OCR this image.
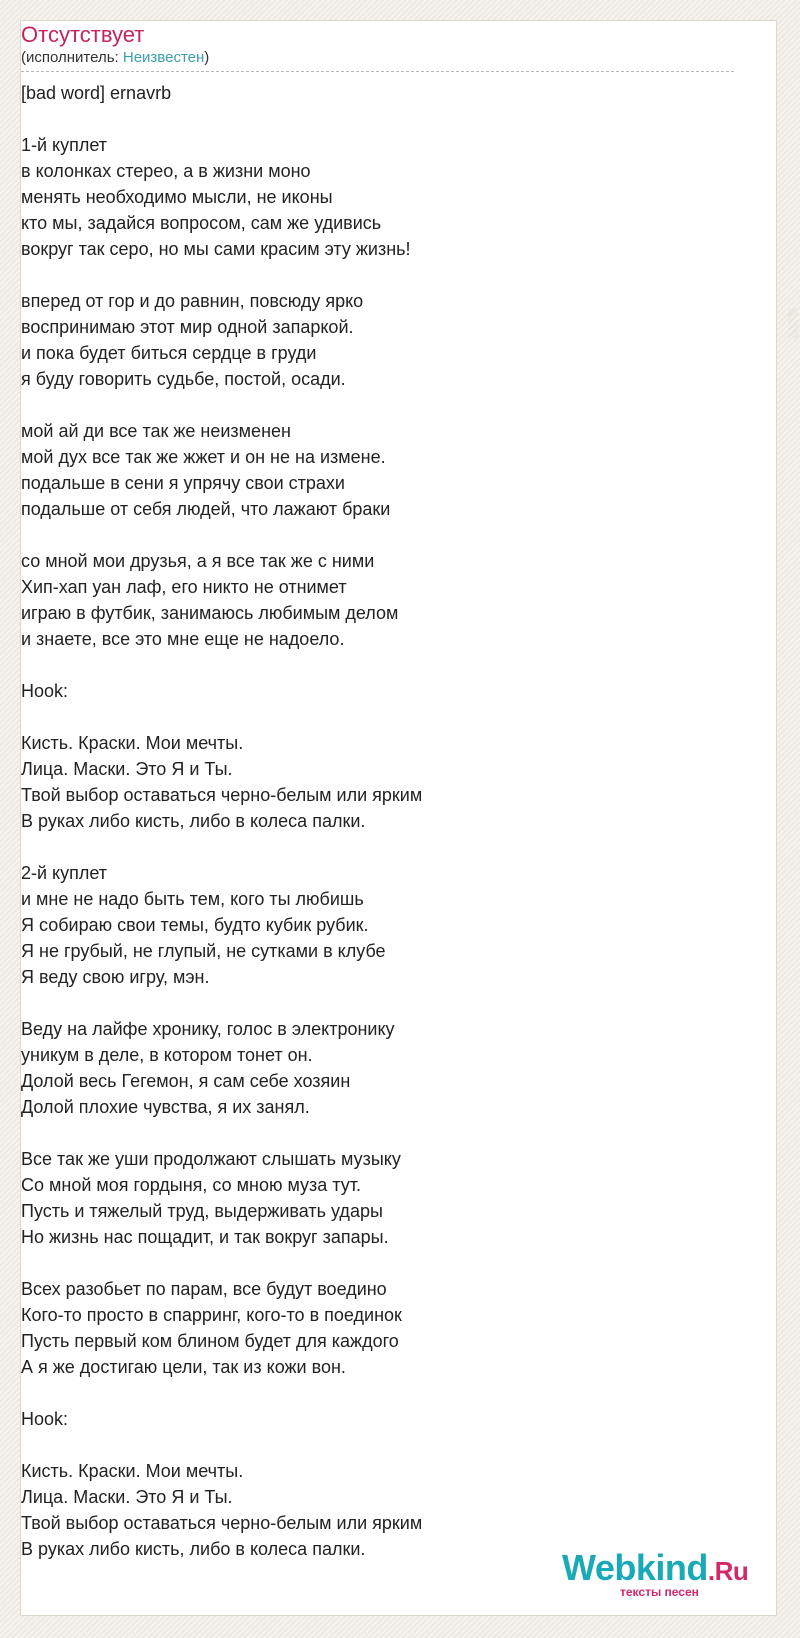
Отсутствует
(исполнитель: Неизвестен)
[bad word] ernavrb
1-й куплет
в колонках стерео, а в жизни моно
менять необходимо мысли, не иконы
кто мы, задайся вопросом, сам же удивись
вокруг так серо, но мы сами красим эту жизнь!
вперед от гор и до равнин, повсюду ярко
воспринимаю этот мир одной запаркой.
и пока будет биться сердце в груди
я буду говорить судьбе, постой, осади.
мой ай ди все так же неизменен
мой дух все так же жжет и он не на измене.
подальше в сени я упрячу свои страхи
подальше от себя людей, что лажают браки
со мной мои друзья, а я все так же с ними
Хип-хап уан лаф, его никто не отнимет
играю в футбик, занимаюсь любимым делом
и знаете, все это мне еще не надоело.
Hook:
Кисть. Краски. Мои мечты.
Лица. Маски. Это Я и Ты.
Твой выбор оставаться черно-белым или ярким
В руках либо кисть, либо в колеса палки.
2-й куплет
и мне не надо быть тем, кого ты любишь
Я собираю свои темы, будто кубик рубик.
Я не грубый, не глупый, не сутками в клубе
Я веду свою игру, мэн.
Веду на лайфе хронику, голос в электронику
уникум в деле, в котором тонет он.
Долой весь Гегемон, я сам себе хозяин
Долой плохие чувства, я их занял.
Все так же уши продолжают слышать музыку
Со мной моя гордыня, со мною муза тут.
Пусть и тяжелый труд, выдерживать удары
Но жизнь нас пощадит, и так вокруг запары.
Всех разобьет по парам, все будут воедино
Кого-то просто в спарринг, кого-то в поединок
Пусть первый ком блином будет для каждого
А я же достигаю цели, так из кожи вон.
Hook:
Кисть. Краски. Мои мечты.
Лица. Маски. Это Я и Ты.
Твой выбор оставаться черно-белым или ярким
В руках либо кисть, либо в колеса палки.	Webkind.Ru
тексты песен
